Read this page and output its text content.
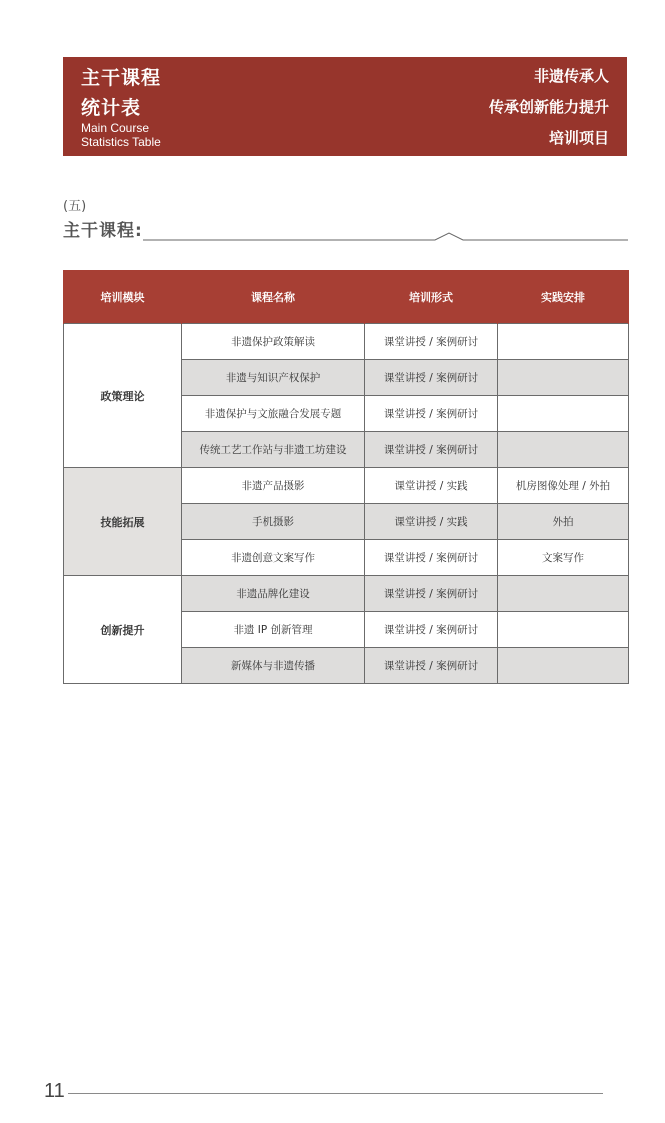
主干课程
统计表
Main Course
Statistics Table
非遗传承人
传承创新能力提升
培训项目
(五)
主干课程:
培训模块	课程名称	培训形式	实践安排
政策理论	非遗保护政策解读	课堂讲授 / 案例研讨	
	非遗与知识产权保护	课堂讲授 / 案例研讨	
	非遗保护与文旅融合发展专题	课堂讲授 / 案例研讨	
	传统工艺工作站与非遗工坊建设	课堂讲授 / 案例研讨	
技能拓展	非遗产品摄影	课堂讲授 / 实践	机房图像处理 / 外拍
	手机摄影	课堂讲授 / 实践	外拍
	非遗创意文案写作	课堂讲授 / 案例研讨	文案写作
创新提升	非遗品牌化建设	课堂讲授 / 案例研讨	
	非遗 IP 创新管理	课堂讲授 / 案例研讨	
	新媒体与非遗传播	课堂讲授 / 案例研讨	
11
